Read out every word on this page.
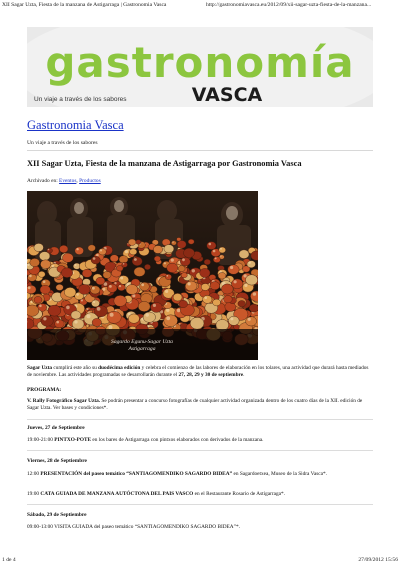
XII Sagar Uzta, Fiesta de la manzana de Astigarraga | Gastronomia Vasca	http://gastronomiavasca.eu/2012/09/xii-sagar-uzta-fiesta-de-la-manzana...
gastronomía
VASCA
Un viaje a través de los sabores
Gastronomia Vasca
Un viaje a través de los sabores
XII Sagar Uzta, Fiesta de la manzana de Astigarraga por Gastronomia Vasca
Archivado en: Eventos, Productos
Sagardo Egunu-Sagar Uzta
Astigarraga
Sagar Uzta cumplirá este año su duodécima edición y celebra el comienzo de las labores de elaboración en los tolares, una actividad que durará hasta mediados de noviembre. Las actividades programadas se desarrollarán durante el 27, 28, 29 y 30 de septiembre.
PROGRAMA:
V. Rally Fotográfico Sagar Uzta. Se podrán presentar a concurso fotografías de cualquier actividad organizada dentro de los cuatro días de la XII. edición de Sagar Uzta. Ver bases y condiciones*.
Jueves, 27 de Septiembre
19:00-21:00 PINTXO-POTE en los bares de Astigarraga con pintxos elaborados con derivados de la manzana.
Viernes, 28 de Septiembre
12:00 PRESENTACIÓN del paseo temático “SANTIAGOMENDIKO SAGARDO BIDEA” en Sagardoetxea, Museo de la Sidra Vasca*.
19:00 CATA GUIADA DE MANZANA AUTÓCTONA DEL PAIS VASCO en el Restaurante Rosario de Astigarraga*.
Sábado, 29 de Septiembre
09:00-13:00 VISITA GUIADA del paseo temático “SANTIAGOMENDIKO SAGARDO BIDEA”*.
1 de 4	27/09/2012 15:56
